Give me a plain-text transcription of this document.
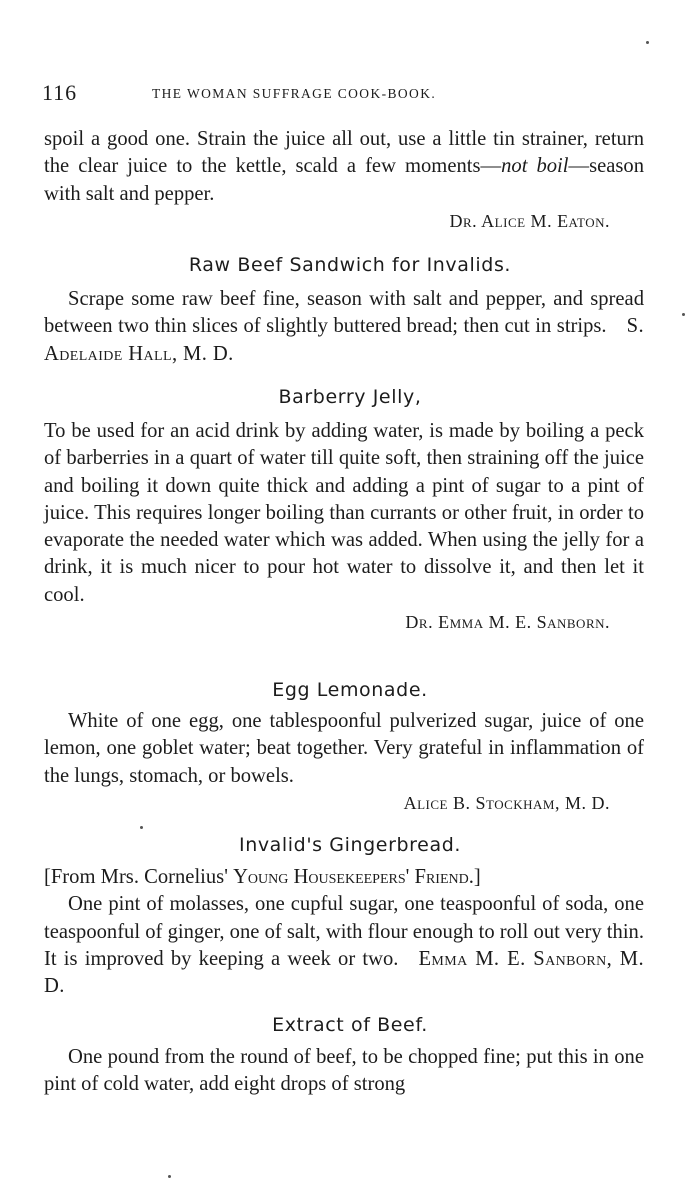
116	THE WOMAN SUFFRAGE COOK-BOOK.

spoil a good one. Strain the juice all out, use a little tin strainer, return the clear juice to the kettle, scald a few moments—not boil—season with salt and pepper.

Dr. Alice M. Eaton.

Raw Beef Sandwich for Invalids.

Scrape some raw beef fine, season with salt and pepper, and spread between two thin slices of slightly buttered bread; then cut in strips. S. Adelaide Hall, M. D.

Barberry Jelly,

To be used for an acid drink by adding water, is made by boiling a peck of barberries in a quart of water till quite soft, then straining off the juice and boiling it down quite thick and adding a pint of sugar to a pint of juice. This requires longer boiling than currants or other fruit, in order to evaporate the needed water which was added. When using the jelly for a drink, it is much nicer to pour hot water to dissolve it, and then let it cool.

Dr. Emma M. E. Sanborn.

Egg Lemonade.

White of one egg, one tablespoonful pulverized sugar, juice of one lemon, one goblet water; beat together. Very grateful in inflammation of the lungs, stomach, or bowels.

Alice B. Stockham, M. D.

Invalid's Gingerbread.

[From Mrs. Cornelius' Young Housekeepers' Friend.]

One pint of molasses, one cupful sugar, one teaspoonful of soda, one teaspoonful of ginger, one of salt, with flour enough to roll out very thin. It is improved by keeping a week or two. Emma M. E. Sanborn, M. D.

Extract of Beef.

One pound from the round of beef, to be chopped fine; put this in one pint of cold water, add eight drops of strong
